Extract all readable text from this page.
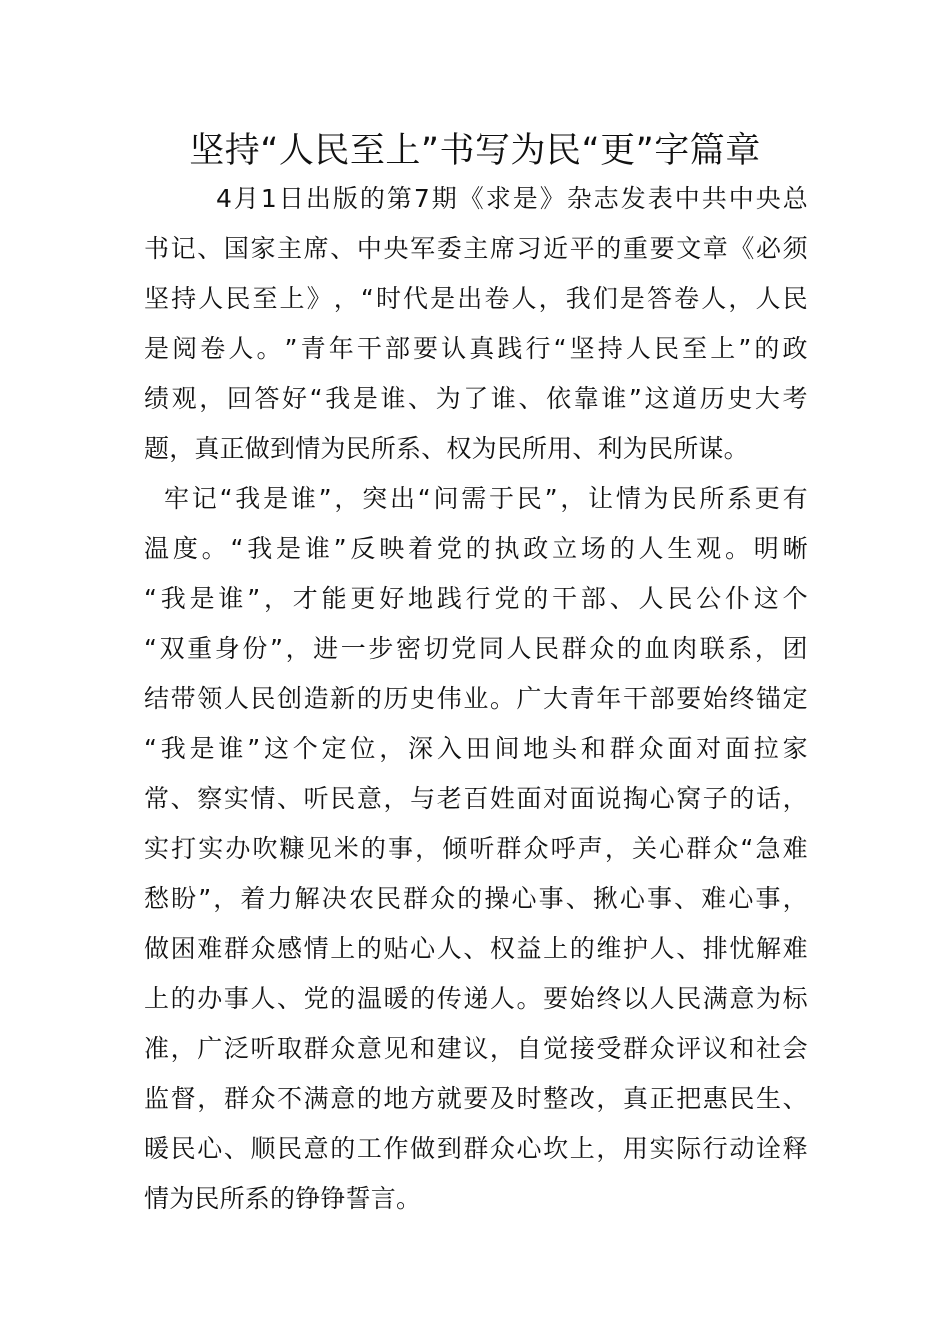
坚持“人民至上”书写为民“更”字篇章
4 月 1 日 出 版 的 第 7 期 《 求 是 》 杂 志 发 表 中 共 中 央 总
书 记 、 国 家 主 席 、 中 央 军 委 主 席 习 近 平 的 重 要 文 章 《 必 须
坚 持 人 民 至 上 》 ， “ 时 代 是 出 卷 人 ， 我 们 是 答 卷 人 ， 人 民
是 阅 卷 人 。 ” 青 年 干 部 要 认 真 践 行 “ 坚 持 人 民 至 上 ” 的 政
绩 观 ， 回 答 好 “ 我 是 谁 、 为 了 谁 、 依 靠 谁 ” 这 道 历 史 大 考
题，真正做到情为民所系、权为民所用、利为民所谋。
牢 记 “ 我 是 谁 ” ， 突 出 “ 问 需 于 民 ” ， 让 情 为 民 所 系 更 有
温 度 。 “ 我 是 谁 ” 反 映 着 党 的 执 政 立 场 的 人 生 观 。 明 晰
“ 我 是 谁 ” ， 才 能 更 好 地 践 行 党 的 干 部 、 人 民 公 仆 这 个
“ 双 重 身 份 ” ， 进 一 步 密 切 党 同 人 民 群 众 的 血 肉 联 系 ， 团
结 带 领 人 民 创 造 新 的 历 史 伟 业 。 广 大 青 年 干 部 要 始 终 锚 定
“ 我 是 谁 ” 这 个 定 位 ， 深 入 田 间 地 头 和 群 众 面 对 面 拉 家
常 、 察 实 情 、 听 民 意 ， 与 老 百 姓 面 对 面 说 掏 心 窝 子 的 话 ，
实 打 实 办 吹 糠 见 米 的 事 ， 倾 听 群 众 呼 声 ， 关 心 群 众 “ 急 难
愁 盼 ” ， 着 力 解 决 农 民 群 众 的 操 心 事 、 揪 心 事 、 难 心 事 ，
做 困 难 群 众 感 情 上 的 贴 心 人 、 权 益 上 的 维 护 人 、 排 忧 解 难
上 的 办 事 人 、 党 的 温 暖 的 传 递 人 。 要 始 终 以 人 民 满 意 为 标
准 ， 广 泛 听 取 群 众 意 见 和 建 议 ， 自 觉 接 受 群 众 评 议 和 社 会
监 督 ， 群 众 不 满 意 的 地 方 就 要 及 时 整 改 ， 真 正 把 惠 民 生 、
暖 民 心 、 顺 民 意 的 工 作 做 到 群 众 心 坎 上 ， 用 实 际 行 动 诠 释
情为民所系的铮铮誓言。
